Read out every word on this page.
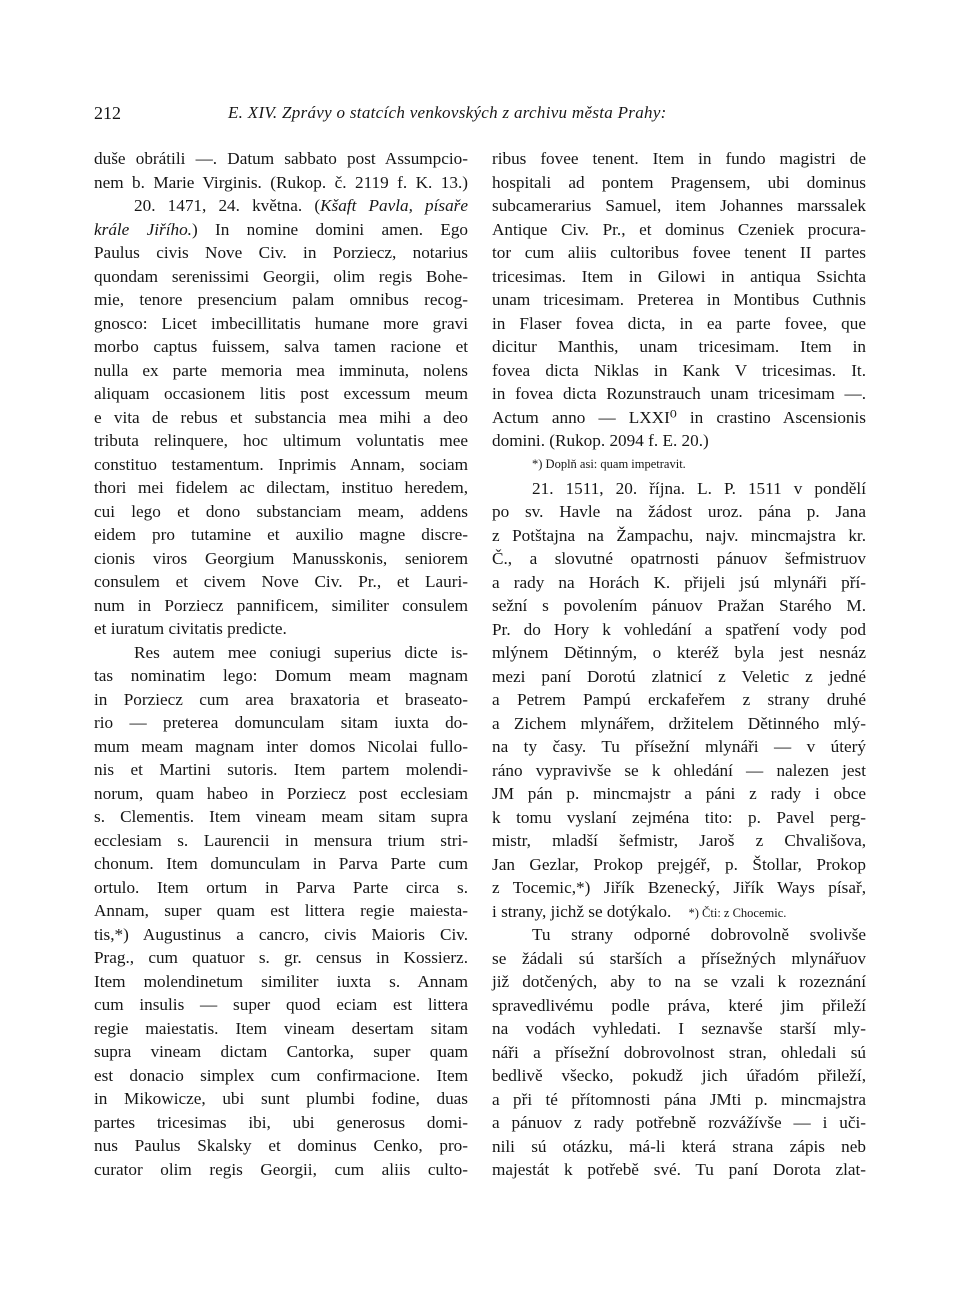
212	E. XIV. Zprávy o statcích venkovských z archivu města Prahy:
duše obrátili —. Datum sabbato post Assumpcio-
nem b. Marie Virginis. (Rukop. č. 2119 f. K. 13.)
20. 1471, 24. května. (Kšaft Pavla, písaře
krále Jiřího.) In nomine domini amen. Ego
Paulus civis Nove Civ. in Porziecz, notarius
quondam serenissimi Georgii, olim regis Bohe-
mie, tenore presencium palam omnibus recog-
gnosco: Licet imbecillitatis humane more gravi
morbo captus fuissem, salva tamen racione et
nulla ex parte memoria mea imminuta, nolens
aliquam occasionem litis post excessum meum
e vita de rebus et substancia mea mihi a deo
tributa relinquere, hoc ultimum voluntatis mee
constituo testamentum. Inprimis Annam, sociam
thori mei fidelem ac dilectam, instituo heredem,
cui lego et dono substanciam meam, addens
eidem pro tutamine et auxilio magne discre-
cionis viros Georgium Manusskonis, seniorem
consulem et civem Nove Civ. Pr., et Lauri-
num in Porziecz pannificem, similiter consulem
et iuratum civitatis predicte.
Res autem mee coniugi superius dicte is-
tas nominatim lego: Domum meam magnam
in Porziecz cum area braxatoria et braseato-
rio — preterea domunculam sitam iuxta do-
mum meam magnam inter domos Nicolai fullo-
nis et Martini sutoris. Item partem molendi-
norum, quam habeo in Porziecz post ecclesiam
s. Clementis. Item vineam meam sitam supra
ecclesiam s. Laurencii in mensura trium stri-
chonum. Item domunculam in Parva Parte cum
ortulo. Item ortum in Parva Parte circa s.
Annam, super quam est littera regie maiesta-
tis,*) Augustinus a cancro, civis Maioris Civ.
Prag., cum quatuor s. gr. census in Kossierz.
Item molendinetum similiter iuxta s. Annam
cum insulis — super quod eciam est littera
regie maiestatis. Item vineam desertam sitam
supra vineam dictam Cantorka, super quam
est donacio simplex cum confirmacione. Item
in Mikowicze, ubi sunt plumbi fodine, duas
partes tricesimas ibi, ubi generosus domi-
nus Paulus Skalsky et dominus Cenko, pro-
curator olim regis Georgii, cum aliis culto-
ribus fovee tenent. Item in fundo magistri de
hospitali ad pontem Pragensem, ubi dominus
subcamerarius Samuel, item Johannes marssalek
Antique Civ. Pr., et dominus Czeniek procura-
tor cum aliis cultoribus fovee tenent II partes
tricesimas. Item in Gilowi in antiqua Ssichta
unam tricesimam. Preterea in Montibus Cuthnis
in Flaser fovea dicta, in ea parte fovee, que
dicitur Manthis, unam tricesimam. Item in
fovea dicta Niklas in Kank V tricesimas. It.
in fovea dicta Rozunstrauch unam tricesimam —.
Actum anno — LXXI⁰ in crastino Ascensionis
domini. (Rukop. 2094 f. E. 20.)
*) Doplň asi: quam impetravit.
21. 1511, 20. října. L. P. 1511 v pondělí
po sv. Havle na žádost uroz. pána p. Jana
z Potštajna na Žampachu, najv. mincmajstra kr.
Č., a slovutné opatrnosti pánuov šefmistruov
a rady na Horách K. přijeli jsú mlynáři pří-
sežní s povolením pánuov Pražan Starého M.
Pr. do Hory k vohledání a spatření vody pod
mlýnem Dětinným, o kteréž byla jest nesnáz
mezi paní Dorotú zlatnicí z Veletic z jedné
a Petrem Pampú erckafeřem z strany druhé
a Zichem mlynářem, držitelem Dětinného mlý-
na ty časy. Tu přísežní mlynáři — v úterý
ráno vypravivše se k ohledání — nalezen jest
JM pán p. mincmajstr a páni z rady i obce
k tomu vyslaní zejména tito: p. Pavel perg-
mistr, mladší šefmistr, Jaroš z Chvališova,
Jan Gezlar, Prokop prejgéř, p. Štollar, Prokop
z Tocemic,*) Jiřík Bzenecký, Jiřík Ways písař,
i strany, jichž se dotýkalo. *) Čti: z Chocemic.
Tu strany odporné dobrovolně svolivše
se žádali sú starších a přísežných mlynářuov
již dotčených, aby to na se vzali k rozeznání
spravedlivému podle práva, které jim přileží
na vodách vyhledati. I seznavše starší mly-
náři a přísežní dobrovolnost stran, ohledali sú
bedlivě všecko, pokudž jich úřadóm přileží,
a při té přítomnosti pána JMti p. mincmajstra
a pánuov z rady potřebně rozvážívše — i uči-
nili sú otázku, má-li která strana zápis neb
majestát k potřebě své. Tu paní Dorota zlat-
